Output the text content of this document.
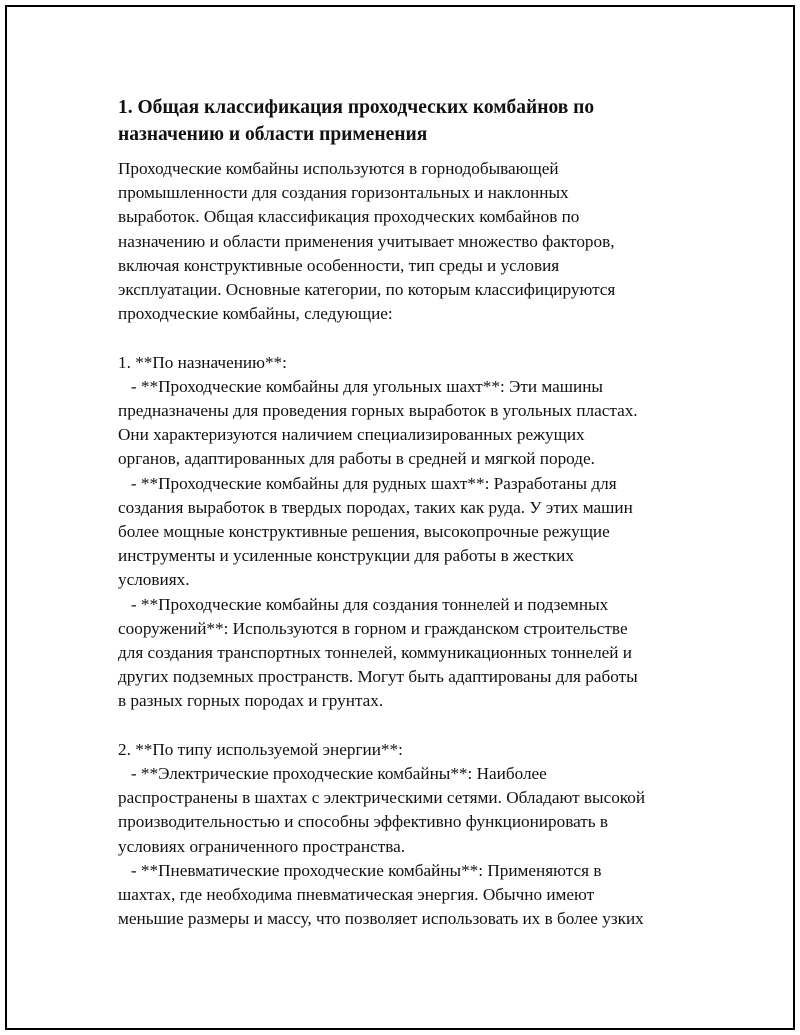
1. Общая классификация проходческих комбайнов по
назначению и области применения
Проходческие комбайны используются в горнодобывающей
промышленности для создания горизонтальных и наклонных
выработок. Общая классификация проходческих комбайнов по
назначению и области применения учитывает множество факторов,
включая конструктивные особенности, тип среды и условия
эксплуатации. Основные категории, по которым классифицируются
проходческие комбайны, следующие:
1. **По назначению**:
- **Проходческие комбайны для угольных шахт**: Эти машины
предназначены для проведения горных выработок в угольных пластах.
Они характеризуются наличием специализированных режущих
органов, адаптированных для работы в средней и мягкой породе.
- **Проходческие комбайны для рудных шахт**: Разработаны для
создания выработок в твердых породах, таких как руда. У этих машин
более мощные конструктивные решения, высокопрочные режущие
инструменты и усиленные конструкции для работы в жестких
условиях.
- **Проходческие комбайны для создания тоннелей и подземных
сооружений**: Используются в горном и гражданском строительстве
для создания транспортных тоннелей, коммуникационных тоннелей и
других подземных пространств. Могут быть адаптированы для работы
в разных горных породах и грунтах.
2. **По типу используемой энергии**:
- **Электрические проходческие комбайны**: Наиболее
распространены в шахтах с электрическими сетями. Обладают высокой
производительностью и способны эффективно функционировать в
условиях ограниченного пространства.
- **Пневматические проходческие комбайны**: Применяются в
шахтах, где необходима пневматическая энергия. Обычно имеют
меньшие размеры и массу, что позволяет использовать их в более узких
